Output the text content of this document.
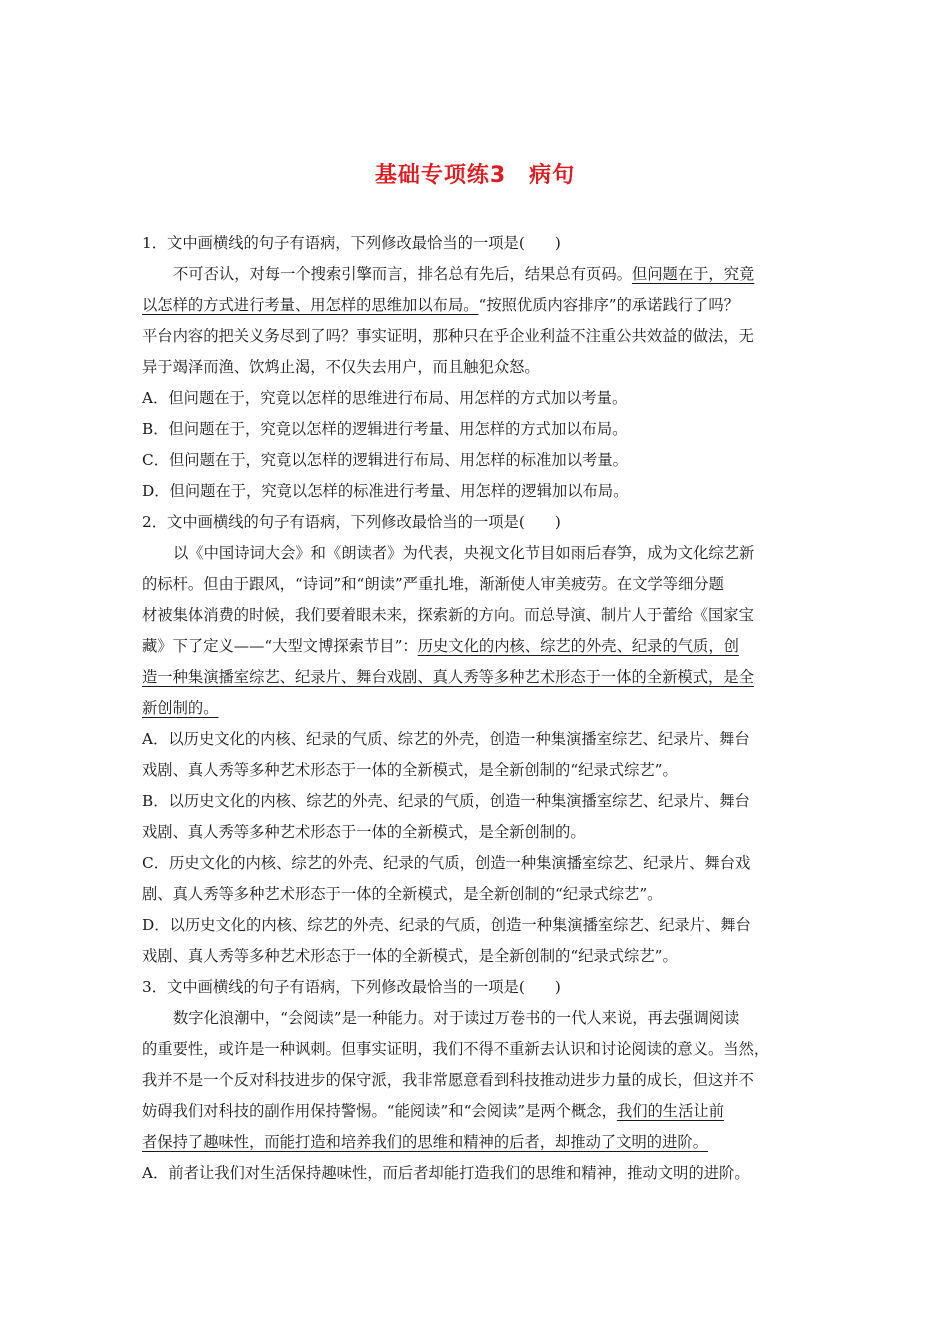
基础专项练3　病句
1．文中画横线的句子有语病，下列修改最恰当的一项是( )
不可否认，对每一个搜索引擎而言，排名总有先后，结果总有页码。但问题在于，究竟
以怎样的方式进行考量、用怎样的思维加以布局。“按照优质内容排序”的承诺践行了吗？
平台内容的把关义务尽到了吗？事实证明，那种只在乎企业利益不注重公共效益的做法，无
异于竭泽而渔、饮鸩止渴，不仅失去用户，而且触犯众怒。
A．但问题在于，究竟以怎样的思维进行布局、用怎样的方式加以考量。
B．但问题在于，究竟以怎样的逻辑进行考量、用怎样的方式加以布局。
C．但问题在于，究竟以怎样的逻辑进行布局、用怎样的标准加以考量。
D．但问题在于，究竟以怎样的标准进行考量、用怎样的逻辑加以布局。
2．文中画横线的句子有语病，下列修改最恰当的一项是( )
以《中国诗词大会》和《朗读者》为代表，央视文化节目如雨后春笋，成为文化综艺新
的标杆。但由于跟风，“诗词”和“朗读”严重扎堆，渐渐使人审美疲劳。在文学等细分题
材被集体消费的时候，我们要着眼未来，探索新的方向。而总导演、制片人于蕾给《国家宝
藏》下了定义——“大型文博探索节目”：历史文化的内核、综艺的外壳、纪录的气质，创
造一种集演播室综艺、纪录片、舞台戏剧、真人秀等多种艺术形态于一体的全新模式，是全
新创制的。
A．以历史文化的内核、纪录的气质、综艺的外壳，创造一种集演播室综艺、纪录片、舞台
戏剧、真人秀等多种艺术形态于一体的全新模式，是全新创制的“纪录式综艺”。
B．以历史文化的内核、综艺的外壳、纪录的气质，创造一种集演播室综艺、纪录片、舞台
戏剧、真人秀等多种艺术形态于一体的全新模式，是全新创制的。
C．历史文化的内核、综艺的外壳、纪录的气质，创造一种集演播室综艺、纪录片、舞台戏
剧、真人秀等多种艺术形态于一体的全新模式，是全新创制的“纪录式综艺”。
D．以历史文化的内核、综艺的外壳、纪录的气质，创造一种集演播室综艺、纪录片、舞台
戏剧、真人秀等多种艺术形态于一体的全新模式，是全新创制的“纪录式综艺”。
3．文中画横线的句子有语病，下列修改最恰当的一项是( )
数字化浪潮中，“会阅读”是一种能力。对于读过万卷书的一代人来说，再去强调阅读
的重要性，或许是一种讽刺。但事实证明，我们不得不重新去认识和讨论阅读的意义。当然，
我并不是一个反对科技进步的保守派，我非常愿意看到科技推动进步力量的成长，但这并不
妨碍我们对科技的副作用保持警惕。“能阅读”和“会阅读”是两个概念，我们的生活让前
者保持了趣味性，而能打造和培养我们的思维和精神的后者，却推动了文明的进阶。
A．前者让我们对生活保持趣味性，而后者却能打造我们的思维和精神，推动文明的进阶。
